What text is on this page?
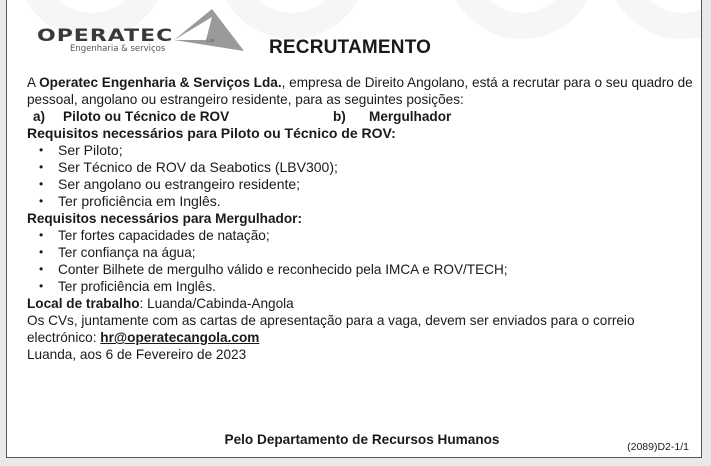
OPERATEC	Lda
Engenharia & serviços	RECRUTAMENTO

A Operatec Engenharia & Serviços Lda., empresa de Direito Angolano, está a recrutar para o seu quadro de pessoal, angolano ou estrangeiro residente, para as seguintes posições:

a)	Piloto ou Técnico de ROV	b)	Mergulhador

Requisitos necessários para Piloto ou Técnico de ROV:

•	Ser Piloto;
•	Ser Técnico de ROV da Seabotics (LBV300);
•	Ser angolano ou estrangeiro residente;
•	Ter proficiência em Inglês.

Requisitos necessários para Mergulhador:

•	Ter fortes capacidades de natação;
•	Ter confiança na água;
•	Conter Bilhete de mergulho válido e reconhecido pela IMCA e ROV/TECH;
•	Ter proficiência em Inglês.

Local de trabalho: Luanda/Cabinda-Angola

Os CVs, juntamente com as cartas de apresentação para a vaga, devem ser enviados para o correio electrónico: hr@operatecangola.com

Luanda, aos 6 de Fevereiro de 2023

Pelo Departamento de Recursos Humanos	(2089)D2-1/1
